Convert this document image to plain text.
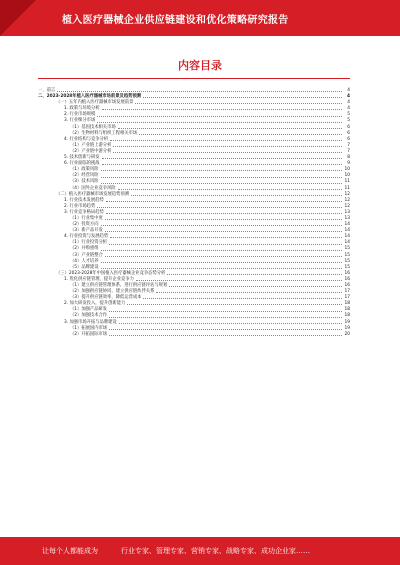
植入医疗器械企业供应链建设和优化策略研究报告
内容目录
一、前言	4
二、2023-2028年植入医疗器械市场前景及趋势预测	4
（一）五年内植入医疗器械市场发展前景	4
1. 政策与环境分析	4
2. 行业市场规模	5
3. 行业细分市场	5
（1）基因技术相关市场	6
（2）生物材料与组织工程相关市场	6
4. 行业结构与竞争分析	6
（1）产业链上游分析	7
（2）产业链中游分析	7
5. 技术创新与研发	8
6. 行业面临的挑战	9
（1）政策风险	10
（2）经营风险	10
（3）技术风险	11
（4）国外企业竞争风险	11
（二）植入医疗器械市场发展趋势预测	12
1. 行业技术发展趋势	12
2. 行业市场趋势	12
3. 行业竞争格局趋势	13
（1）行业集中度	13
（2）投资方向	14
（3）新产品开发	14
4. 行业投资与发展趋势	14
（1）行业投资分析	14
（2）并购重组	15
（3）产业链整合	15
（4）人才培养	15
（5）品牌建设	15
（三）2023-2028年中国植入医疗器械企业竞争态势分析	16
1. 优化供应链管理，提升企业竞争力	16
（1）建立供应链管理体系，进行供应链评估与规划	16
（2）加强供应链协同，建立供应链伙伴关系	17
（3）提升供应链效率，降低运营成本	17
2. 加大研发投入，提升创新能力	18
（1）加强产品研发	18
（2）加强技术合作	18
3. 加强市场开拓与品牌建设	19
（1）拓展国内市场	19
（2）开拓国际市场	20
让每个人都能成为	行业专家、管理专家、营销专家、战略专家、成功企业家……
